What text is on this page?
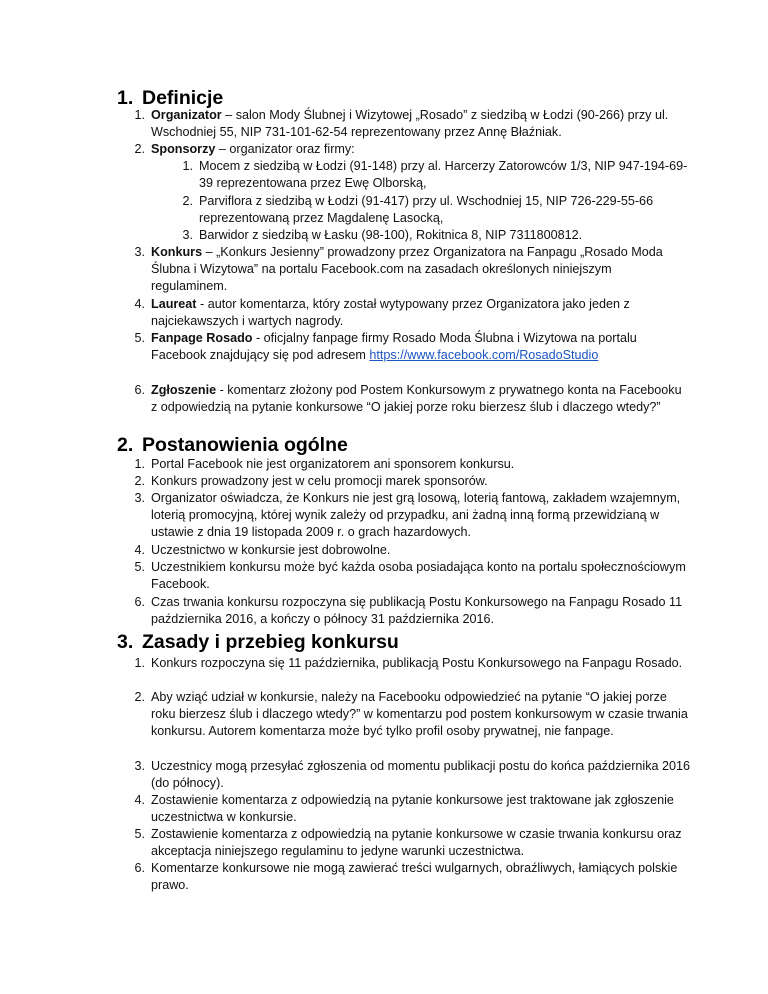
1. Definicje
1. Organizator – salon Mody Ślubnej i Wizytowej „Rosado” z siedzibą w Łodzi (90-266) przy ul. Wschodniej 55, NIP 731-101-62-54 reprezentowany przez Annę Błaźniak.
2. Sponsorzy – organizator oraz firmy:
1. Mocem z siedzibą w Łodzi (91-148) przy al. Harcerzy Zatorowców 1/3, NIP 947-194-69-39 reprezentowana przez Ewę Olborską,
2. Parviflora z siedzibą w Łodzi (91-417) przy ul. Wschodniej 15, NIP 726-229-55-66 reprezentowaną przez Magdalenę Lasocką,
3. Barwidor z siedzibą w Łasku (98-100), Rokitnica 8, NIP 7311800812.
3. Konkurs – „Konkurs Jesienny” prowadzony przez Organizatora na Fanpagu „Rosado Moda Ślubna i Wizytowa” na portalu Facebook.com na zasadach określonych niniejszym regulaminem.
4. Laureat - autor komentarza, który został wytypowany przez Organizatora jako jeden z najciekawszych i wartych nagrody.
5. Fanpage Rosado - oficjalny fanpage firmy Rosado Moda Ślubna i Wizytowa na portalu Facebook znajdujący się pod adresem https://www.facebook.com/RosadoStudio
6. Zgłoszenie - komentarz złożony pod Postem Konkursowym z prywatnego konta na Facebooku z odpowiedzią na pytanie konkursowe “O jakiej porze roku bierzesz ślub i dlaczego wtedy?”
2. Postanowienia ogólne
1. Portal Facebook nie jest organizatorem ani sponsorem konkursu.
2. Konkurs prowadzony jest w celu promocji marek sponsorów.
3. Organizator oświadcza, że Konkurs nie jest grą losową, loterią fantową, zakładem wzajemnym, loterią promocyjną, której wynik zależy od przypadku, ani żadną inną formą przewidzianą w ustawie z dnia 19 listopada 2009 r. o grach hazardowych.
4. Uczestnictwo w konkursie jest dobrowolne.
5. Uczestnikiem konkursu może być każda osoba posiadająca konto na portalu społecznościowym Facebook.
6. Czas trwania konkursu rozpoczyna się publikacją Postu Konkursowego na Fanpagu Rosado 11 października 2016, a kończy o północy 31 października 2016.
3. Zasady i przebieg konkursu
1. Konkurs rozpoczyna się 11 października, publikacją Postu Konkursowego na Fanpagu Rosado.
2. Aby wziąć udział w konkursie, należy na Facebooku odpowiedzieć na pytanie “O jakiej porze roku bierzesz ślub i dlaczego wtedy?” w komentarzu pod postem konkursowym w czasie trwania konkursu. Autorem komentarza może być tylko profil osoby prywatnej, nie fanpage.
3. Uczestnicy mogą przesyłać zgłoszenia od momentu publikacji postu do końca października 2016 (do północy).
4. Zostawienie komentarza z odpowiedzią na pytanie konkursowe jest traktowane jak zgłoszenie uczestnictwa w konkursie.
5. Zostawienie komentarza z odpowiedzią na pytanie konkursowe w czasie trwania konkursu oraz akceptacja niniejszego regulaminu to jedyne warunki uczestnictwa.
6. Komentarze konkursowe nie mogą zawierać treści wulgarnych, obraźliwych, łamiących polskie prawo.
